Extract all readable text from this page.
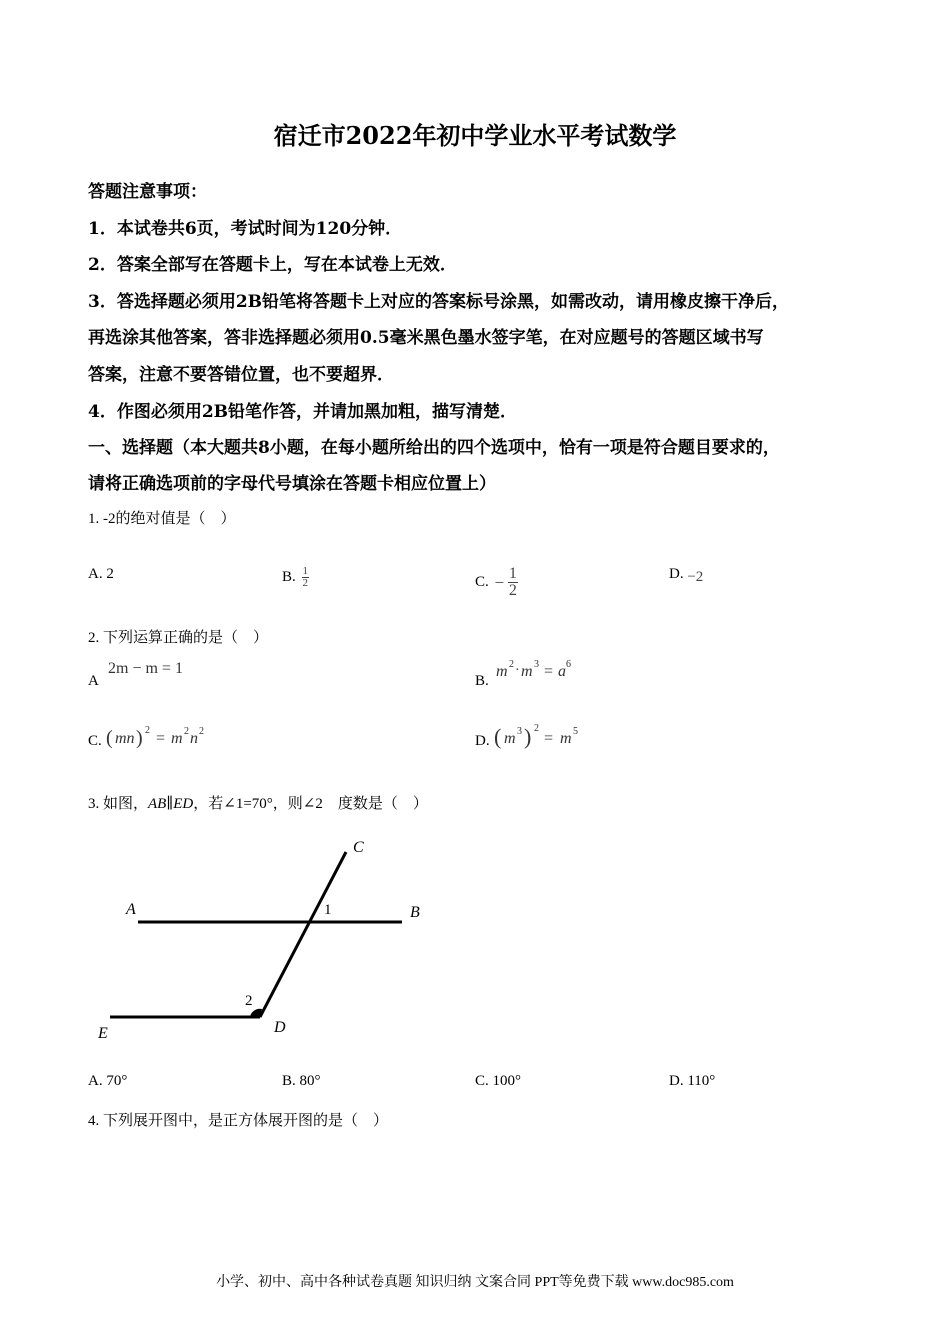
宿迁市2022年初中学业水平考试数学
答题注意事项：
1．本试卷共6页，考试时间为120分钟．
2．答案全部写在答题卡上，写在本试卷上无效．
3．答选择题必须用2B铅笔将答题卡上对应的答案标号涂黑，如需改动，请用橡皮擦干净后，
再选涂其他答案，答非选择题必须用0.5毫米黑色墨水签字笔，在对应题号的答题区域书写
答案，注意不要答错位置，也不要超界．
4．作图必须用2B铅笔作答，并请加黑加粗，描写清楚．
一、选择题（本大题共8小题，在每小题所给出的四个选项中，恰有一项是符合题目要求的，
请将正确选项前的字母代号填涂在答题卡相应位置上）
1. -2的绝对值是（　）
A. 2	B. $\frac{1}{2}$	C. − $\frac{1}{2}$	D. −2
2. 下列运算正确的是（　）
A
2m − m = 1
B.
m 2 · m 3 = a 6
C. ( mn ) 2 = m 2 n 2
D. ( m 3 ) 2
= m 5
3. 如图，AB∥ED，若∠1=70°，则∠2　度数是（　）
A	B
C
D
E
1
2
A. 70°	B. 80°	C. 100°	D. 110°
4. 下列展开图中，是正方体展开图的是（　）
小学、初中、高中各种试卷真题 知识归纳 文案合同 PPT等免费下载 www.doc985.com
